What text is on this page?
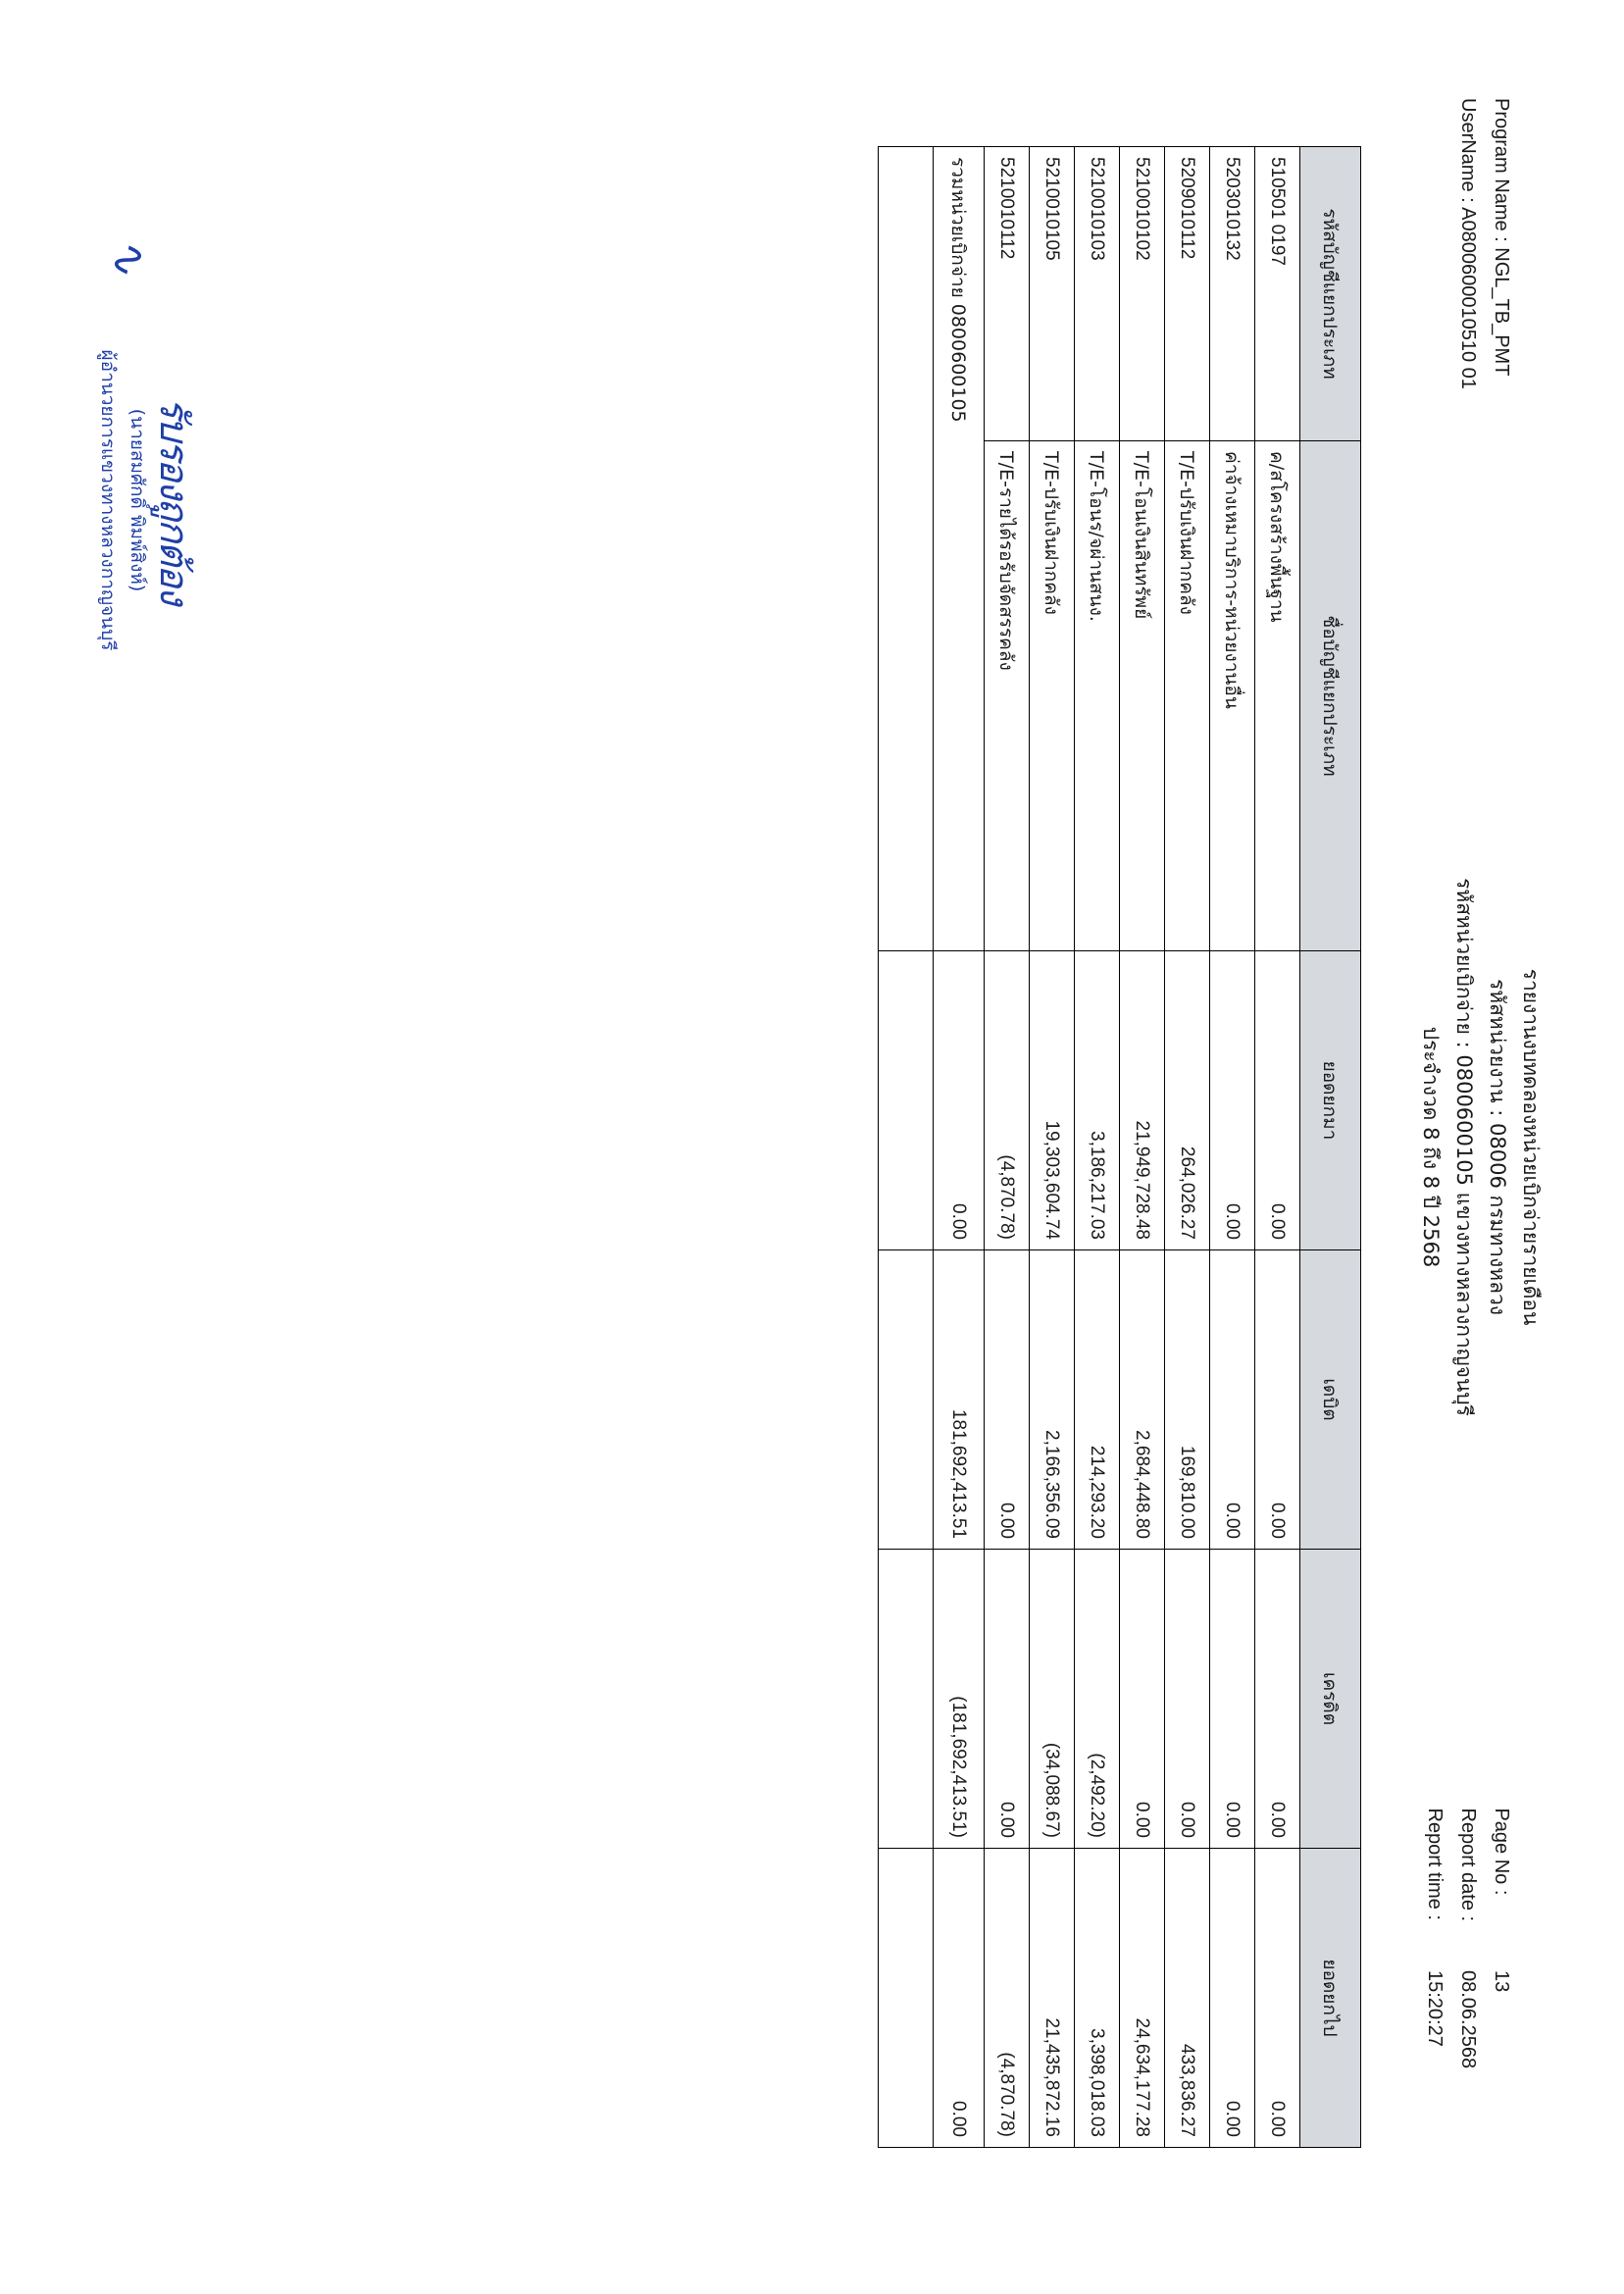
Program Name : NGL_TB_PMT
UserName : A0800600010510 01
รายงานงบทดลองหน่วยเบิกจ่ายรายเดือน
รหัสหน่วยงาน : 08006 กรมทางหลวง
รหัสหน่วยเบิกจ่าย : 0800600105 แขวงทางหลวงกาญจนบุรี
ประจำงวด 8 ถึง 8 ปี 2568
Page No : 13
Report date : 08.06.2568
Report time : 15:20:27
รหัสบัญชีแยกประเภท	ชื่อบัญชีแยกประเภท	ยอดยกมา	เดบิต	เครดิต	ยอดยกไป
510501 0197	ค/สโครงสร้างพื้นฐาน	0.00	0.00	0.00	0.00
5203010132	ค่าจ้างเหมาบริการ-หน่วยงานอื่น	0.00	0.00	0.00	0.00
5209010112	T/E-ปรับเงินฝากคลัง	264,026.27	169,810.00	0.00	433,836.27
5210010102	T/E-โอนเงินสินทรัพย์	21,949,728.48	2,684,448.80	0.00	24,634,177.28
5210010103	T/E-โอนร/จผ่านสนง.	3,186,217.03	214,293.20	(2,492.20)	3,398,018.03
5210010105	T/E-ปรับเงินฝากคลัง	19,303,604.74	2,166,356.09	(34,088.67)	21,435,872.16
5210010112	T/E-รายได้รอรับจัดสรรคลัง	(4,870.78)	0.00	0.00	(4,870.78)
รวมหน่วยเบิกจ่าย 0800600105		0.00	181,692,413.51	(181,692,413.51)	0.00

รับรองถูกต้อง
(นายสมศักดิ์ พิมพ์สิงห์)
ผู้อำนวยการแขวงทางหลวงกาญจนบุรี
∿
